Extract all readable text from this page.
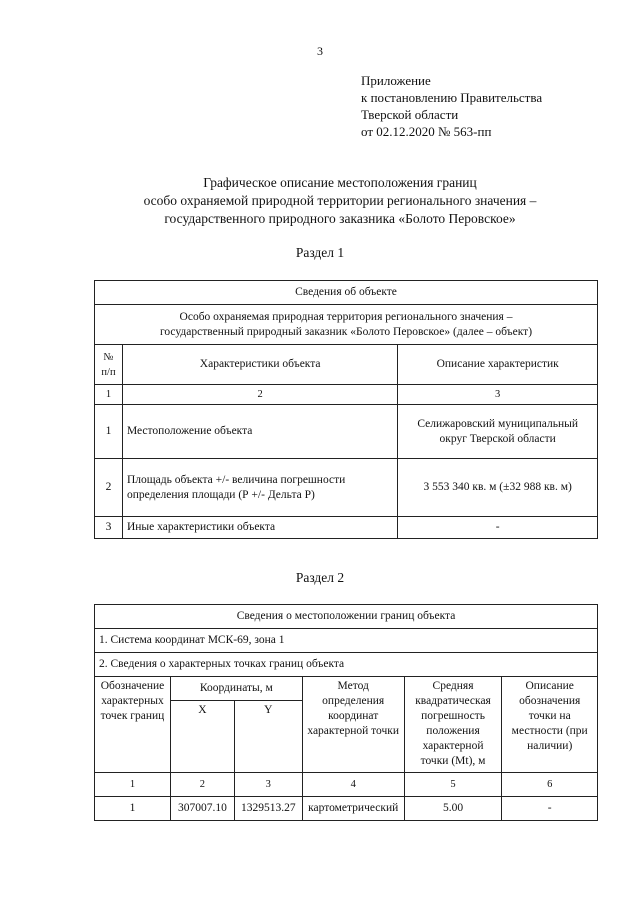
3
Приложение
к постановлению Правительства
Тверской области
от 02.12.2020 № 563-пп
Графическое описание местоположения границ
особо охраняемой природной территории регионального значения –
государственного природного заказника «Болото Перовское»
Раздел 1
Сведения об объекте		

Особо охраняемая природная территория регионального значения –
государственный природный заказник «Болото Перовское» (далее – объект)		

№ п/п	Характеристики объекта	Описание характеристик
1	2	3
1	Местоположение объекта	Селижаровский муниципальный округ Тверской области
2	Площадь объекта +/- величина погрешности определения площади (Р +/- Дельта Р)	3 553 340 кв. м (±32 988 кв. м)
3	Иные характеристики объекта	-
Раздел 2
Сведения о местоположении границ объекта					
1. Система координат МСК-69, зона 1					
2. Сведения о характерных точках границ объекта					
Обозначение характерных точек границ	Координаты, м		Метод определения координат характерной точки	Средняя квадратическая погрешность положения характерной точки (Mt), м	Описание обозначения точки на местности (при наличии)
	X	Y			
1	2	3	4	5	6
1	307007.10	1329513.27	картометрический	5.00	-
